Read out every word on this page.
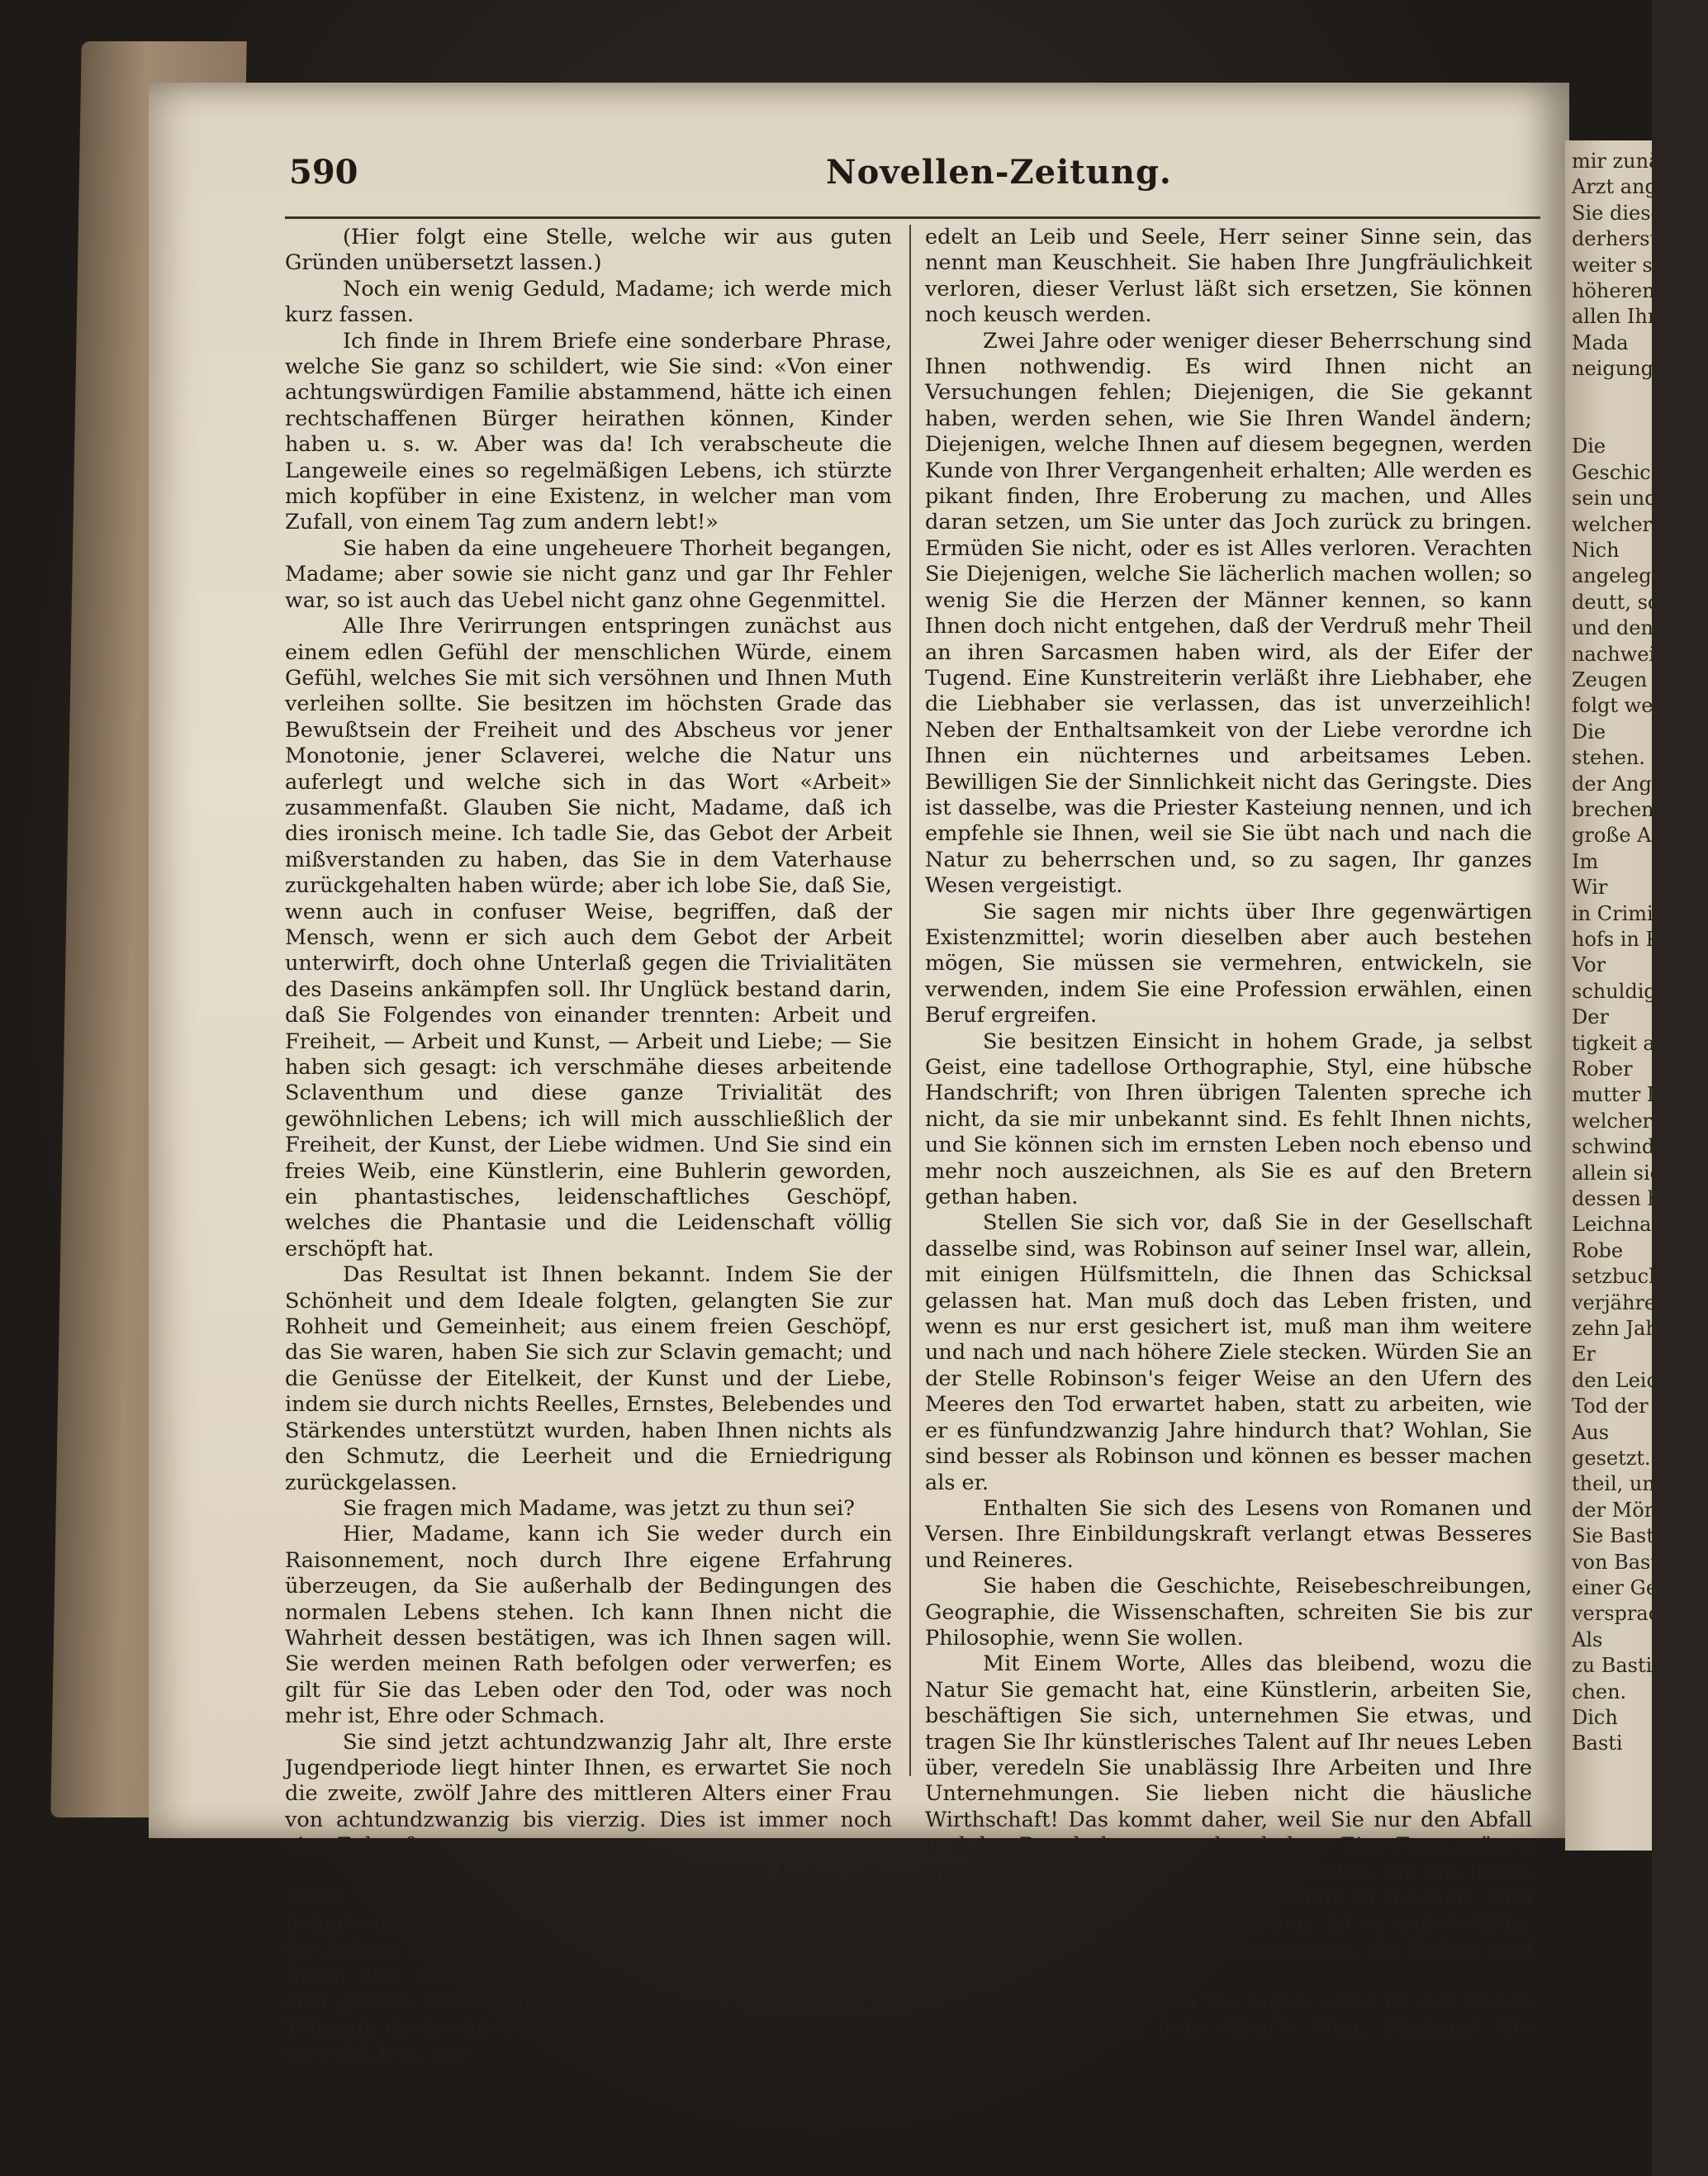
mir zunächst
Arzt angeno
Sie dieselbe
derherstellun
weiter sagen
höheren Zw
allen Ihren
Mada
neigung
Die
Geschicht
sein und
welcher ein
Nich
angelegenh
deutt, so wi
und den Ta
nachweisen
Zeugen wie
folgt werde
Die
stehen. S
der Angekl
brechen du
große Ang
Im
Wir
in Crimin
hofs in P
Vor
schuldige w
Der
tigkeit alle
Rober
mutter Rob
welcher Ro
schwinden
allein sie h
dessen hatt
Leichnam
Robe
setzbuch de
verjähren
zehn Jahre
Er
den Leichn
Tod der
Aus
gesetzt.
theil, und
der Mörder
Sie Basti
von Bastia
einer Geld
versprach.
Als
zu Bastian
chen.
Dich
Basti
590	Novellen-Zeitung.

(Hier folgt eine Stelle, welche wir aus guten Gründen unübersetzt lassen.)

Noch ein wenig Geduld, Madame; ich werde mich kurz fassen.

Ich finde in Ihrem Briefe eine sonderbare Phrase, welche Sie ganz so schildert, wie Sie sind: «Von einer achtungswürdigen Familie abstammend, hätte ich einen rechtschaffenen Bürger heirathen können, Kinder haben u. s. w. Aber was da! Ich verabscheute die Langeweile eines so regelmäßigen Lebens, ich stürzte mich kopfüber in eine Existenz, in welcher man vom Zufall, von einem Tag zum andern lebt!»

Sie haben da eine ungeheuere Thorheit begangen, Madame; aber sowie sie nicht ganz und gar Ihr Fehler war, so ist auch das Uebel nicht ganz ohne Gegenmittel.

Alle Ihre Verirrungen entspringen zunächst aus einem edlen Gefühl der menschlichen Würde, einem Gefühl, welches Sie mit sich versöhnen und Ihnen Muth verleihen sollte. Sie besitzen im höchsten Grade das Bewußtsein der Freiheit und des Abscheus vor jener Monotonie, jener Sclaverei, welche die Natur uns auferlegt und welche sich in das Wort «Arbeit» zusammenfaßt. Glauben Sie nicht, Madame, daß ich dies ironisch meine. Ich tadle Sie, das Gebot der Arbeit mißverstanden zu haben, das Sie in dem Vaterhause zurückgehalten haben würde; aber ich lobe Sie, daß Sie, wenn auch in confuser Weise, begriffen, daß der Mensch, wenn er sich auch dem Gebot der Arbeit unterwirft, doch ohne Unterlaß gegen die Trivialitäten des Daseins ankämpfen soll. Ihr Unglück bestand darin, daß Sie Folgendes von einander trennten: Arbeit und Freiheit, — Arbeit und Kunst, — Arbeit und Liebe; — Sie haben sich gesagt: ich verschmähe dieses arbeitende Sclaventhum und diese ganze Trivialität des gewöhnlichen Lebens; ich will mich ausschließlich der Freiheit, der Kunst, der Liebe widmen. Und Sie sind ein freies Weib, eine Künstlerin, eine Buhlerin geworden, ein phantastisches, leidenschaftliches Geschöpf, welches die Phantasie und die Leidenschaft völlig erschöpft hat.

Das Resultat ist Ihnen bekannt. Indem Sie der Schönheit und dem Ideale folgten, gelangten Sie zur Rohheit und Gemeinheit; aus einem freien Geschöpf, das Sie waren, haben Sie sich zur Sclavin gemacht; und die Genüsse der Eitelkeit, der Kunst und der Liebe, indem sie durch nichts Reelles, Ernstes, Belebendes und Stärkendes unterstützt wurden, haben Ihnen nichts als den Schmutz, die Leerheit und die Erniedrigung zurückgelassen.

Sie fragen mich Madame, was jetzt zu thun sei?

Hier, Madame, kann ich Sie weder durch ein Raisonnement, noch durch Ihre eigene Erfahrung überzeugen, da Sie außerhalb der Bedingungen des normalen Lebens stehen. Ich kann Ihnen nicht die Wahrheit dessen bestätigen, was ich Ihnen sagen will. Sie werden meinen Rath befolgen oder verwerfen; es gilt für Sie das Leben oder den Tod, oder was noch mehr ist, Ehre oder Schmach.

Sie sind jetzt achtundzwanzig Jahr alt, Ihre erste Jugendperiode liegt hinter Ihnen, es erwartet Sie noch die zweite, zwölf Jahre des mittleren Alters einer Frau von achtundzwanzig bis vierzig. Dies ist immer noch eine Zukunft.

Brechen Sie zunächst mit jeder Art von Liebe. Das Erste, was Sie thun müssen, ist zu lernen, sich selbst zu beherrschen, denn, Unglückliche, Sie sind bis heute nur die Sclavin von irgend etwas Anderem gewesen. Es wird Ihnen dies anfänglich viel kosten, darauf machen Sie sich gefaßt; aber wenn der Kampf schwer ist, wird der Triumph desto süßer sein. Sich beherrschen, hören Sie es wohl, frei, ver-

edelt an Leib und Seele, Herr seiner Sinne sein, das nennt man Keuschheit. Sie haben Ihre Jungfräulichkeit verloren, dieser Verlust läßt sich ersetzen, Sie können noch keusch werden.

Zwei Jahre oder weniger dieser Beherrschung sind Ihnen nothwendig. Es wird Ihnen nicht an Versuchungen fehlen; Diejenigen, die Sie gekannt haben, werden sehen, wie Sie Ihren Wandel ändern; Diejenigen, welche Ihnen auf diesem begegnen, werden Kunde von Ihrer Vergangenheit erhalten; Alle werden es pikant finden, Ihre Eroberung zu machen, und Alles daran setzen, um Sie unter das Joch zurück zu bringen. Ermüden Sie nicht, oder es ist Alles verloren. Verachten Sie Diejenigen, welche Sie lächerlich machen wollen; so wenig Sie die Herzen der Männer kennen, so kann Ihnen doch nicht entgehen, daß der Verdruß mehr Theil an ihren Sarcasmen haben wird, als der Eifer der Tugend. Eine Kunstreiterin verläßt ihre Liebhaber, ehe die Liebhaber sie verlassen, das ist unverzeihlich! Neben der Enthaltsamkeit von der Liebe verordne ich Ihnen ein nüchternes und arbeitsames Leben. Bewilligen Sie der Sinnlichkeit nicht das Geringste. Dies ist dasselbe, was die Priester Kasteiung nennen, und ich empfehle sie Ihnen, weil sie Sie übt nach und nach die Natur zu beherrschen und, so zu sagen, Ihr ganzes Wesen vergeistigt.

Sie sagen mir nichts über Ihre gegenwärtigen Existenzmittel; worin dieselben aber auch bestehen mögen, Sie müssen sie vermehren, entwickeln, sie verwenden, indem Sie eine Profession erwählen, einen Beruf ergreifen.

Sie besitzen Einsicht in hohem Grade, ja selbst Geist, eine tadellose Orthographie, Styl, eine hübsche Handschrift; von Ihren übrigen Talenten spreche ich nicht, da sie mir unbekannt sind. Es fehlt Ihnen nichts, und Sie können sich im ernsten Leben noch ebenso und mehr noch auszeichnen, als Sie es auf den Bretern gethan haben.

Stellen Sie sich vor, daß Sie in der Gesellschaft dasselbe sind, was Robinson auf seiner Insel war, allein, mit einigen Hülfsmitteln, die Ihnen das Schicksal gelassen hat. Man muß doch das Leben fristen, und wenn es nur erst gesichert ist, muß man ihm weitere und nach und nach höhere Ziele stecken. Würden Sie an der Stelle Robinson's feiger Weise an den Ufern des Meeres den Tod erwartet haben, statt zu arbeiten, wie er es fünfundzwanzig Jahre hindurch that? Wohlan, Sie sind besser als Robinson und können es besser machen als er.

Enthalten Sie sich des Lesens von Romanen und Versen. Ihre Einbildungskraft verlangt etwas Besseres und Reineres.

Sie haben die Geschichte, Reisebeschreibungen, Geographie, die Wissenschaften, schreiten Sie bis zur Philosophie, wenn Sie wollen.

Mit Einem Worte, Alles das bleibend, wozu die Natur Sie gemacht hat, eine Künstlerin, arbeiten Sie, beschäftigen Sie sich, unternehmen Sie etwas, und tragen Sie Ihr künstlerisches Talent auf Ihr neues Leben über, veredeln Sie unablässig Ihre Arbeiten und Ihre Unternehmungen. Sie lieben nicht die häusliche Wirthschaft! Das kommt daher, weil Sie nur den Abfall und den Rauch davon gesehen haben. Eine Frau, mögen Sie wissen, bedarf eines großen Talentes, um aus ihrem Zimmer ein Bild und eine Landschaft zu machen. Und das sollten sie doch alle versuchen. Ist es widerwärtig, Kessel, Töpfe und Meubles anzufassen, als Farben und Pinsel?

«Und nun,» werden Sie sagen, «was ist der Zweck und das Ende von dem Allen?» Nun, Madame! Sie müssen
